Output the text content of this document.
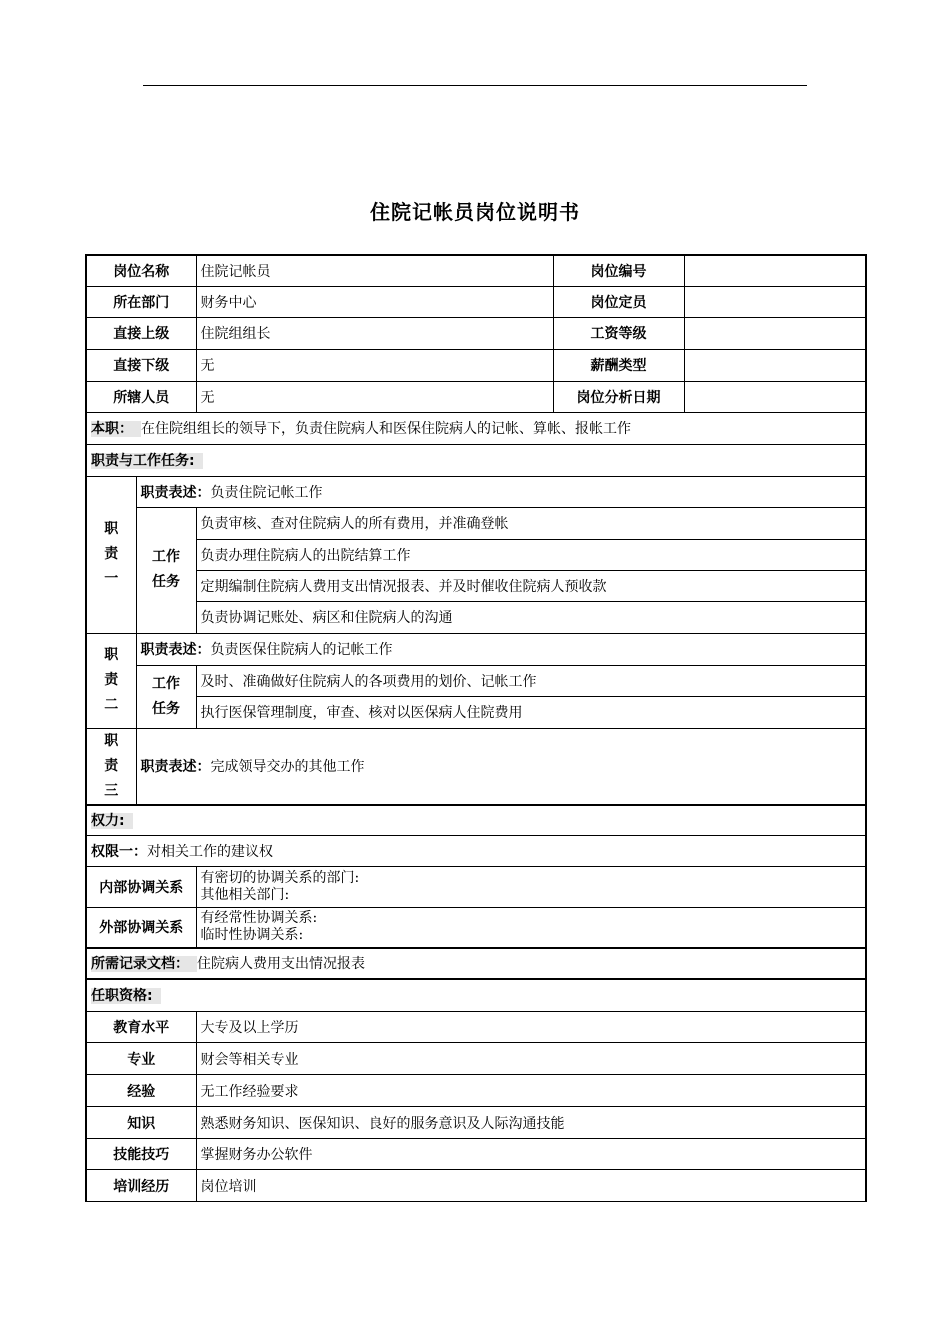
住院记帐员岗位说明书
岗位名称		住院记帐员	岗位编号	
所在部门		财务中心	岗位定员	
直接上级		住院组组长	工资等级	
直接下级		无	薪酬类型	
所辖人员		无	岗位分析日期	
本职： 在住院组组长的领导下，负责住院病人和医保住院病人的记帐、算帐、报帐工作				
职责与工作任务:				

职
责
一	职责表述：负责住院记帐工作			

	工作
任务	负责审核、查对住院病人的所有费用，并准确登帐		
		负责办理住院病人的出院结算工作		
		定期编制住院病人费用支出情况报表、并及时催收住院病人预收款		
		负责协调记账处、病区和住院病人的沟通		

职
责
二	职责表述：负责医保住院病人的记帐工作			

	工作
任务	及时、准确做好住院病人的各项费用的划价、记帐工作		
		执行医保管理制度，审查、核对以医保病人住院费用		

职
责
三	职责表述：完成领导交办的其他工作			
权力:				
权限一：对相关工作的建议权				
内部协调关系		有密切的协调关系的部门:
其他相关部门:		

外部协调关系		有经常性协调关系:
临时性协调关系:		

所需记录文档： 住院病人费用支出情况报表				
任职资格:				
教育水平		大专及以上学历		
专业		财会等相关专业		
经验		无工作经验要求		
知识		熟悉财务知识、医保知识、良好的服务意识及人际沟通技能		
技能技巧		掌握财务办公软件		
培训经历		岗位培训		
